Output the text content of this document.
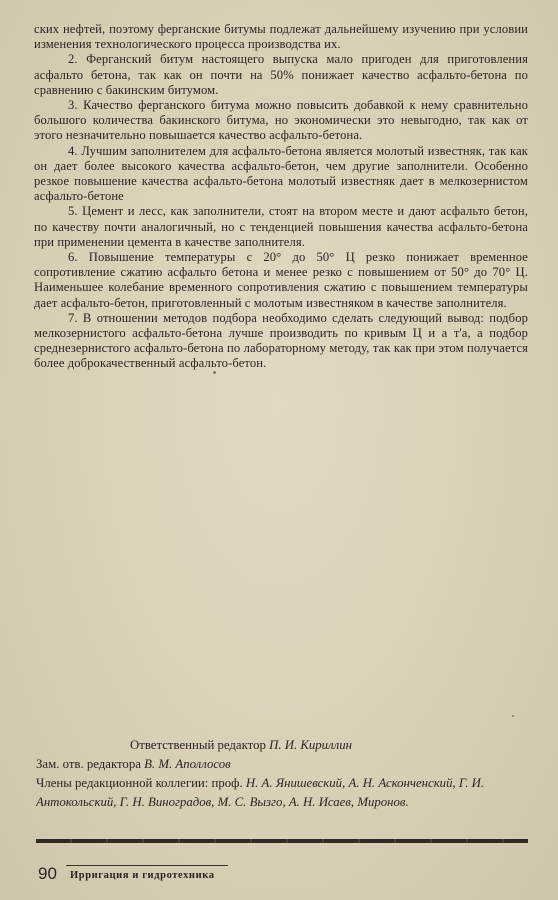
ских нефтей, поэтому ферганские битумы подлежат дальнейшему изучению при условии изменения технологического процесса производства их.

2. Ферганский битум настоящего выпуска мало пригоден для приготовления асфальто бетона, так как он почти на 50% понижает качество асфальто-бетона по сравнению с бакинским битумом.

3. Качество ферганского битума можно повысить добавкой к нему сравнительно большого количества бакинского битума, но экономически это невыгодно, так как от этого незначительно повышается качество асфальто-бетона.

4. Лучшим заполнителем для асфальто-бетона является молотый известняк, так как он дает более высокого качества асфальто-бетон, чем другие заполнители. Особенно резкое повышение качества асфальто-бетона молотый известняк дает в мелкозернистом асфальто-бетоне

5. Цемент и лесс, как заполнители, стоят на втором месте и дают асфальто бетон, по качеству почти аналогичный, но с тенденцией повышения качества асфальто-бетона при применении цемента в качестве заполнителя.

6. Повышение температуры с 20° до 50° Ц резко понижает временное сопротивление сжатию асфальто бетона и менее резко с повышением от 50° до 70° Ц. Наименьшее колебание временного сопротивления сжатию с повышением температуры дает асфальто-бетон, приготовленный с молотым известняком в качестве заполнителя.

7. В отношении методов подбора необходимо сделать следующий вывод: подбор мелкозернистого асфальто-бетона лучше производить по кривым Ц и а т'а, а подбор среднезернистого асфальто-бетона по лабораторному методу, так как при этом получается более доброкачественный асфальто-бетон.

Ответственный редактор П. И. Кириллин

Зам. отв. редактора В. М. Аполлосов

Члены редакционной коллегии: проф. Н. А. Янишевский, А. Н. Асконченский, Г. И. Антокольский, Г. Н. Виноградов, М. С. Вызго, А. Н. Исаев, Миронов.

90 Ирригация и гидротехника
